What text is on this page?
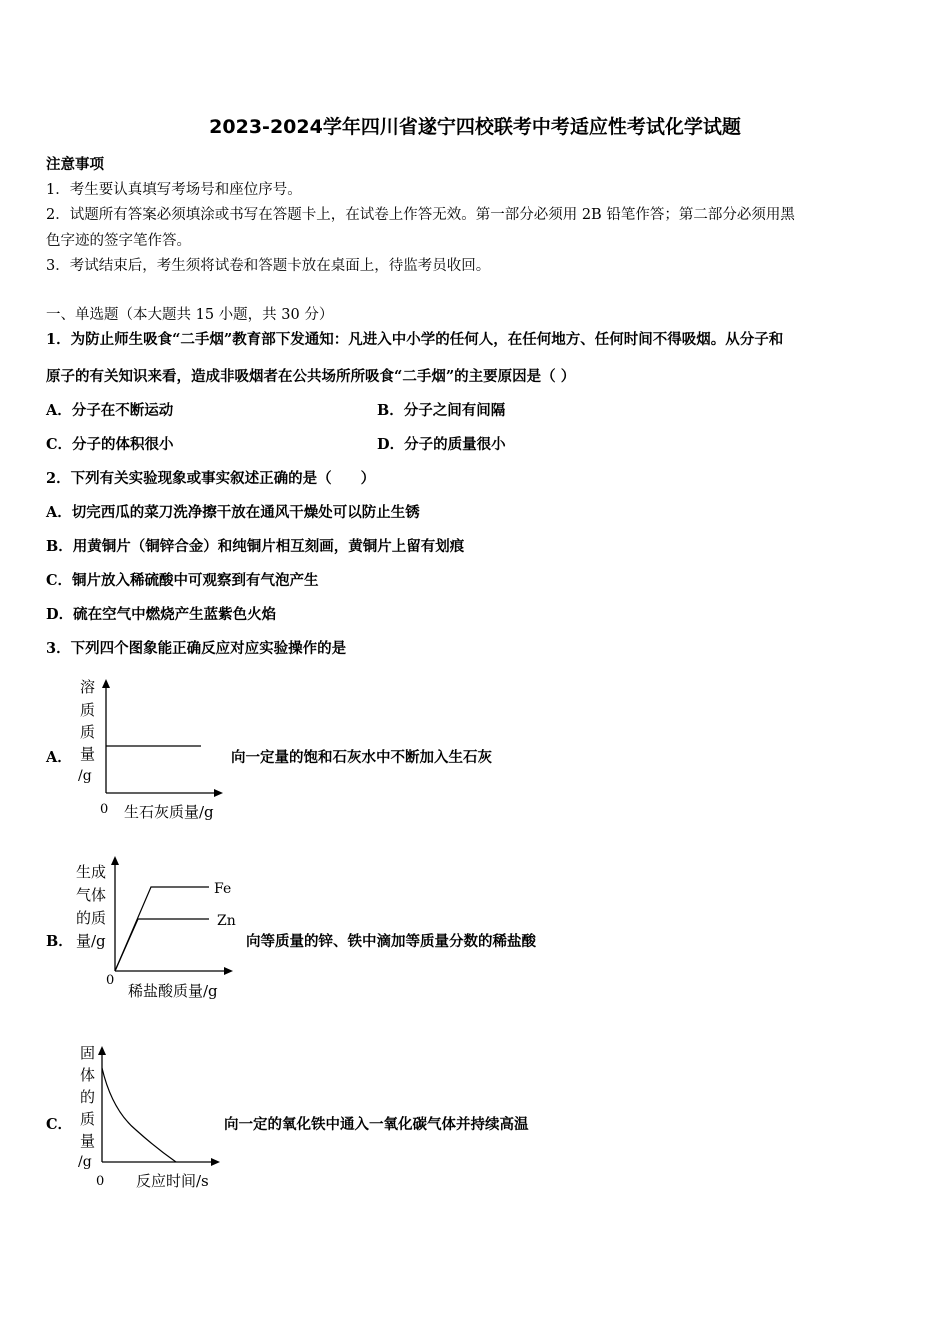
2023-2024学年四川省遂宁四校联考中考适应性考试化学试题
注意事项
1．考生要认真填写考场号和座位序号。
2．试题所有答案必须填涂或书写在答题卡上，在试卷上作答无效。第一部分必须用 2B 铅笔作答；第二部分必须用黑
色字迹的签字笔作答。
3．考试结束后，考生须将试卷和答题卡放在桌面上，待监考员收回。
一、单选题（本大题共 15 小题，共 30 分）
1．为防止师生吸食“二手烟”教育部下发通知：凡进入中小学的任何人，在任何地方、任何时间不得吸烟。从分子和
原子的有关知识来看，造成非吸烟者在公共场所所吸食“二手烟”的主要原因是（ ）
A．分子在不断运动	B．分子之间有间隔
C．分子的体积很小	D．分子的质量很小
2．下列有关实验现象或事实叙述正确的是（　　）
A．切完西瓜的菜刀洗净擦干放在通风干燥处可以防止生锈
B．用黄铜片（铜锌合金）和纯铜片相互刻画，黄铜片上留有划痕
C．铜片放入稀硫酸中可观察到有气泡产生
D．硫在空气中燃烧产生蓝紫色火焰
3．下列四个图象能正确反应对应实验操作的是
A．
溶
质
质
量
/g
0 生石灰质量/g
向一定量的饱和石灰水中不断加入生石灰
B．
生成
气体
的质
量/g
Fe
Zn
0
稀盐酸质量/g
向等质量的锌、铁中滴加等质量分数的稀盐酸
C．
固
体
的
质
量
/g
0 反应时间/s
向一定的氧化铁中通入一氧化碳气体并持续高温
